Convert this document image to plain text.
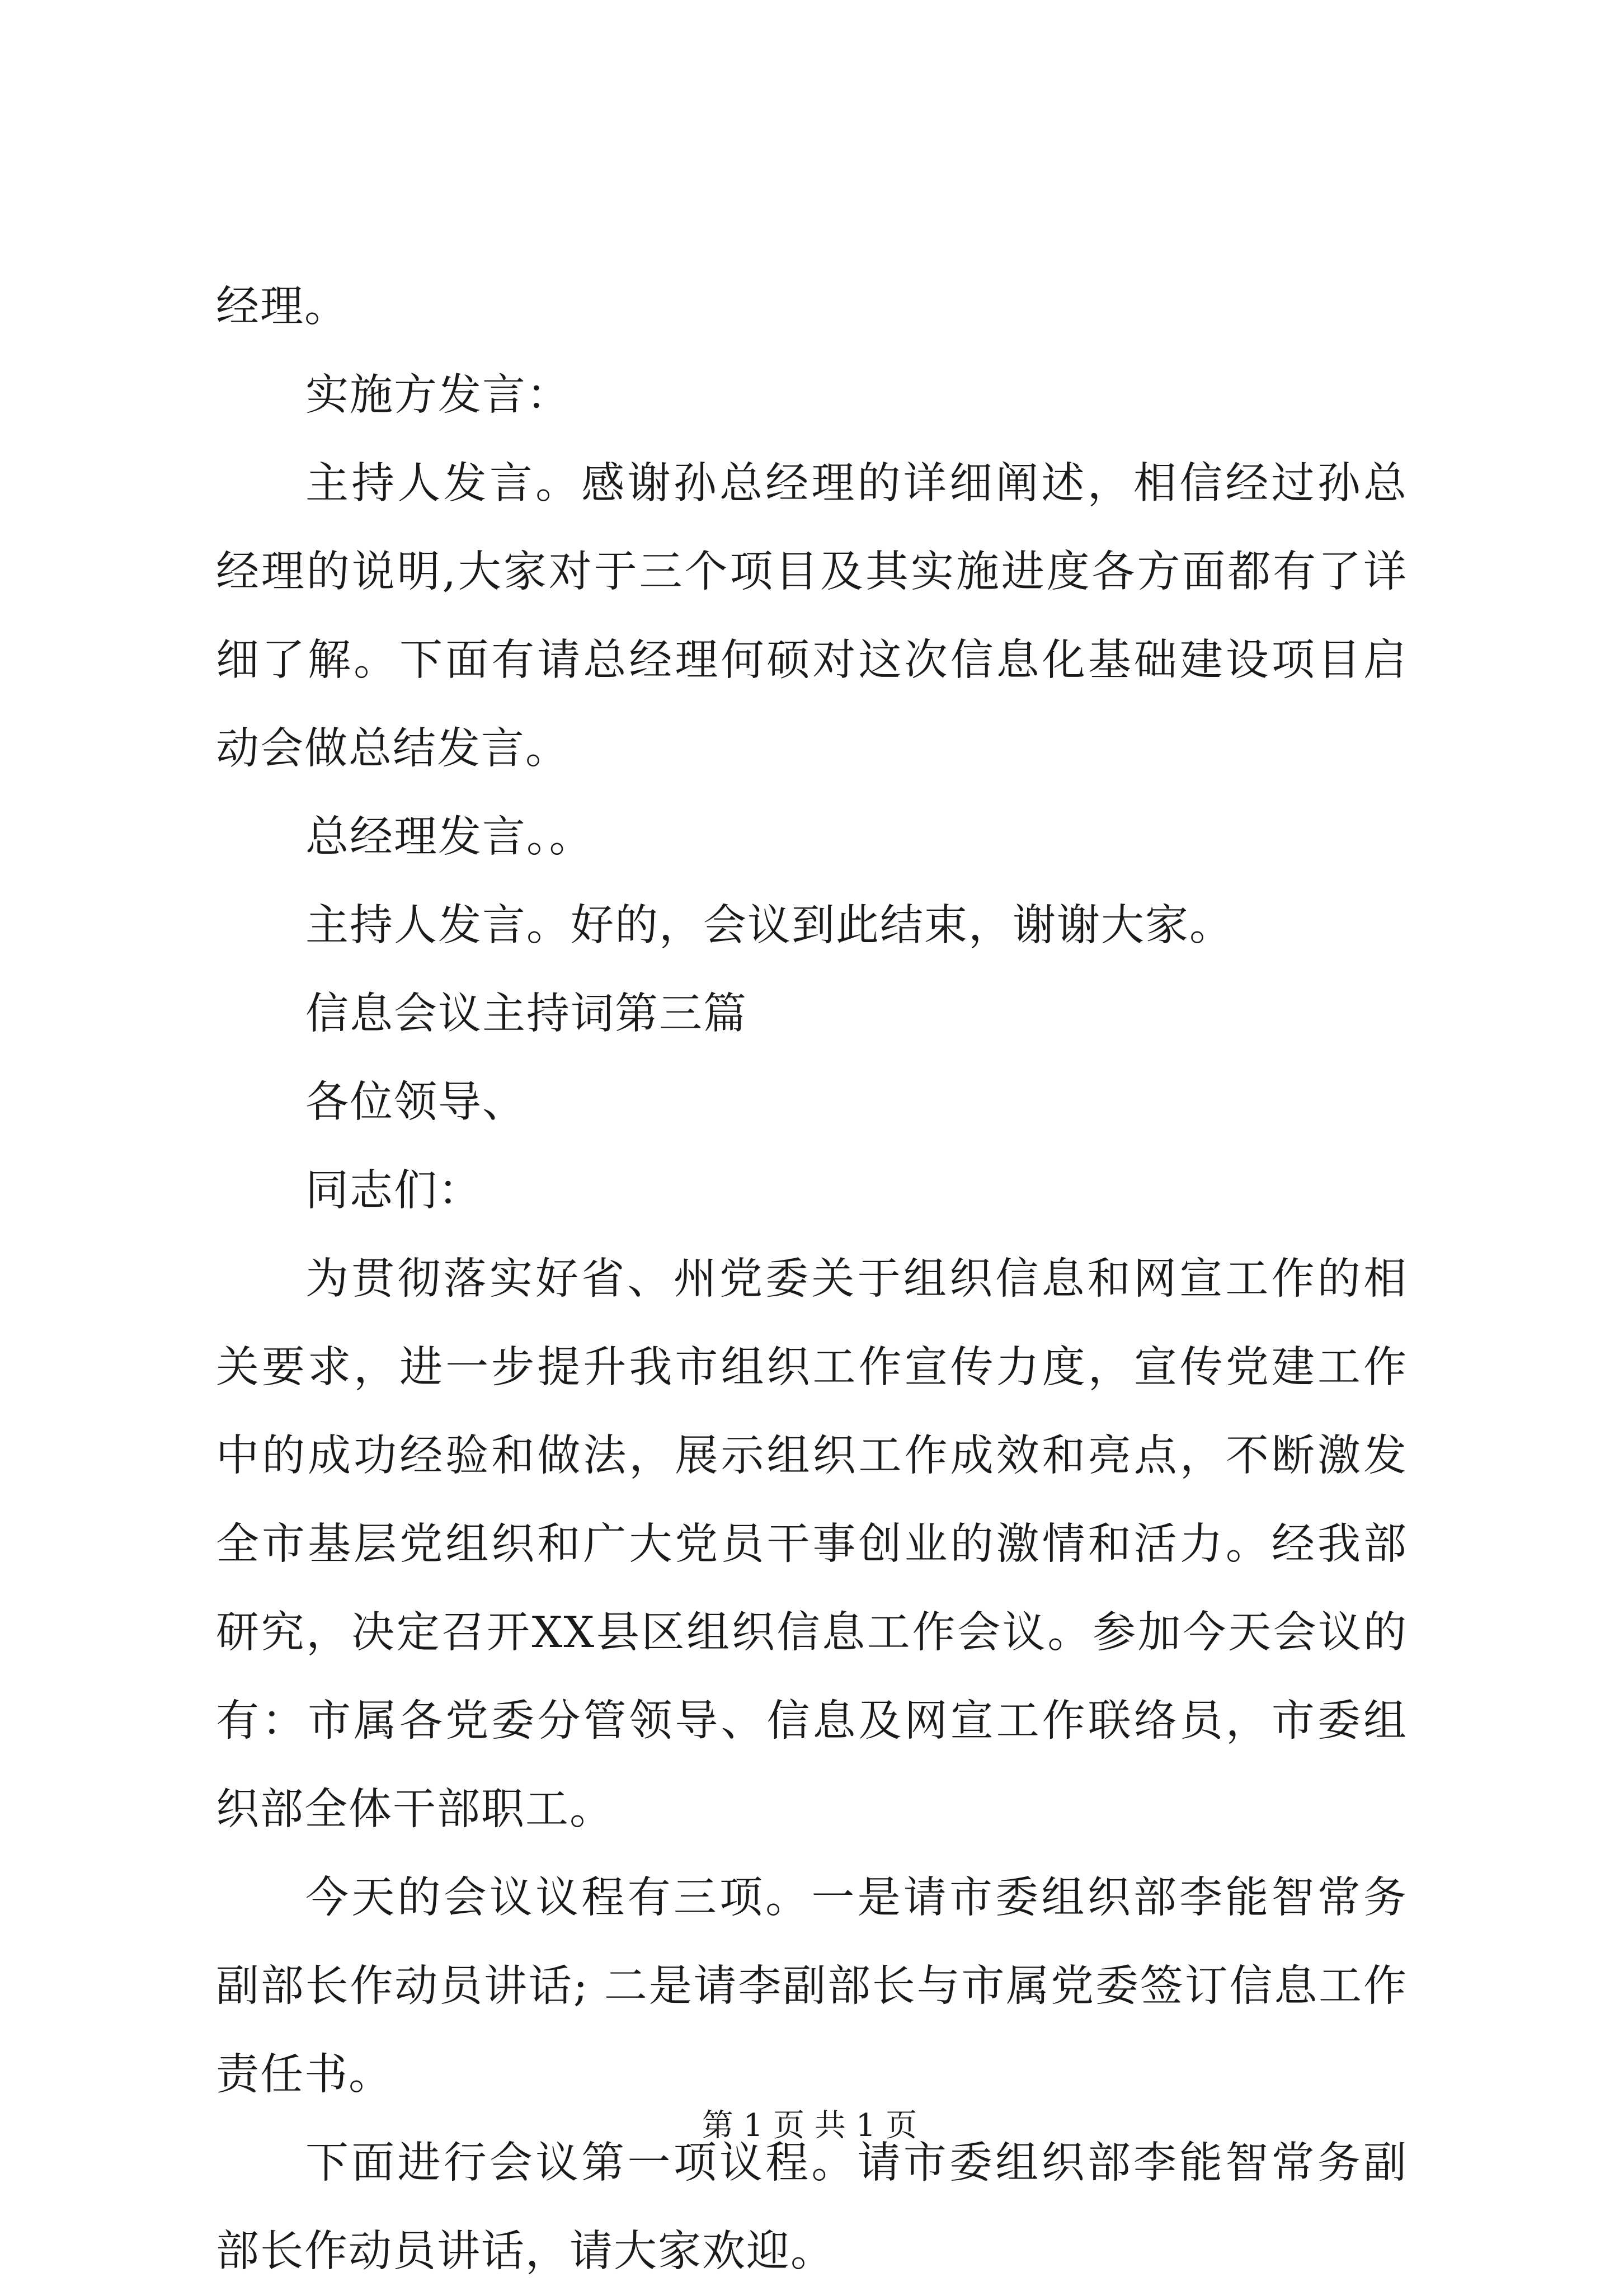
经理。

实施方发言：

主持人发言。感谢孙总经理的详细阐述，相信经过孙总经理的说明,大家对于三个项目及其实施进度各方面都有了详细了解。下面有请总经理何硕对这次信息化基础建设项目启动会做总结发言。

总经理发言。。

主持人发言。好的，会议到此结束，谢谢大家。

信息会议主持词第三篇

各位领导、

同志们：

为贯彻落实好省、州党委关于组织信息和网宣工作的相关要求，进一步提升我市组织工作宣传力度，宣传党建工作中的成功经验和做法，展示组织工作成效和亮点，不断激发全市基层党组织和广大党员干事创业的激情和活力。经我部研究，决定召开XX县区组织信息工作会议。参加今天会议的有：市属各党委分管领导、信息及网宣工作联络员，市委组织部全体干部职工。

今天的会议议程有三项。一是请市委组织部李能智常务副部长作动员讲话; 二是请李副部长与市属党委签订信息工作责任书。

下面进行会议第一项议程。请市委组织部李能智常务副部长作动员讲话，请大家欢迎。

第 1 页 共 1 页
